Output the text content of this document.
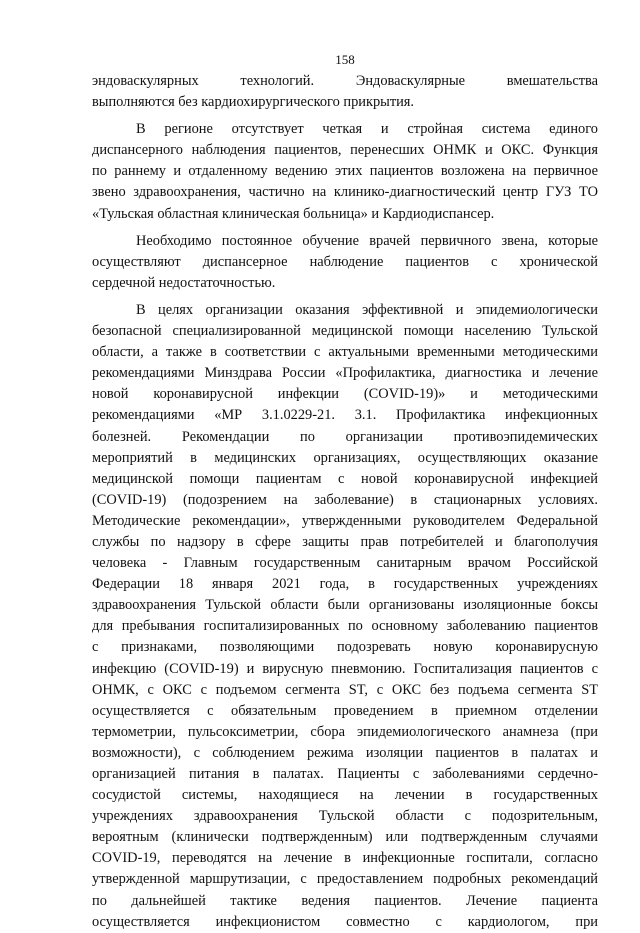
158
эндоваскулярных технологий. Эндоваскулярные вмешательства
выполняются без кардиохирургического прикрытия.
В регионе отсутствует четкая и стройная система единого
диспансерного наблюдения пациентов, перенесших ОНМК и ОКС. Функция
по раннему и отдаленному ведению этих пациентов возложена на первичное
звено здравоохранения, частично на клинико-диагностический центр ГУЗ ТО
«Тульская областная клиническая больница» и Кардиодиспансер.
Необходимо постоянное обучение врачей первичного звена, которые
осуществляют диспансерное наблюдение пациентов с хронической
сердечной недостаточностью.
В целях организации оказания эффективной и эпидемиологически
безопасной специализированной медицинской помощи населению Тульской
области, а также в соответствии с актуальными временными методическими
рекомендациями Минздрава России «Профилактика, диагностика и лечение
новой коронавирусной инфекции (COVID-19)» и методическими
рекомендациями «МР 3.1.0229-21. 3.1. Профилактика инфекционных
болезней. Рекомендации по организации противоэпидемических
мероприятий в медицинских организациях, осуществляющих оказание
медицинской помощи пациентам с новой коронавирусной инфекцией
(COVID-19) (подозрением на заболевание) в стационарных условиях.
Методические рекомендации», утвержденными руководителем Федеральной
службы по надзору в сфере защиты прав потребителей и благополучия
человека - Главным государственным санитарным врачом Российской
Федерации 18 января 2021 года, в государственных учреждениях
здравоохранения Тульской области были организованы изоляционные боксы
для пребывания госпитализированных по основному заболеванию пациентов
с признаками, позволяющими подозревать новую коронавирусную
инфекцию (COVID-19) и вирусную пневмонию. Госпитализация пациентов с
ОНМК, с ОКС с подъемом сегмента ST, с ОКС без подъема сегмента ST
осуществляется с обязательным проведением в приемном отделении
термометрии, пульсоксиметрии, сбора эпидемиологического анамнеза (при
возможности), с соблюдением режима изоляции пациентов в палатах и
организацией питания в палатах. Пациенты с заболеваниями сердечно-
сосудистой системы, находящиеся на лечении в государственных
учреждениях здравоохранения Тульской области с подозрительным,
вероятным (клинически подтвержденным) или подтвержденным случаями
COVID-19, переводятся на лечение в инфекционные госпитали, согласно
утвержденной маршрутизации, с предоставлением подробных рекомендаций
по дальнейшей тактике ведения пациентов. Лечение пациента
осуществляется инфекционистом совместно с кардиологом, при
